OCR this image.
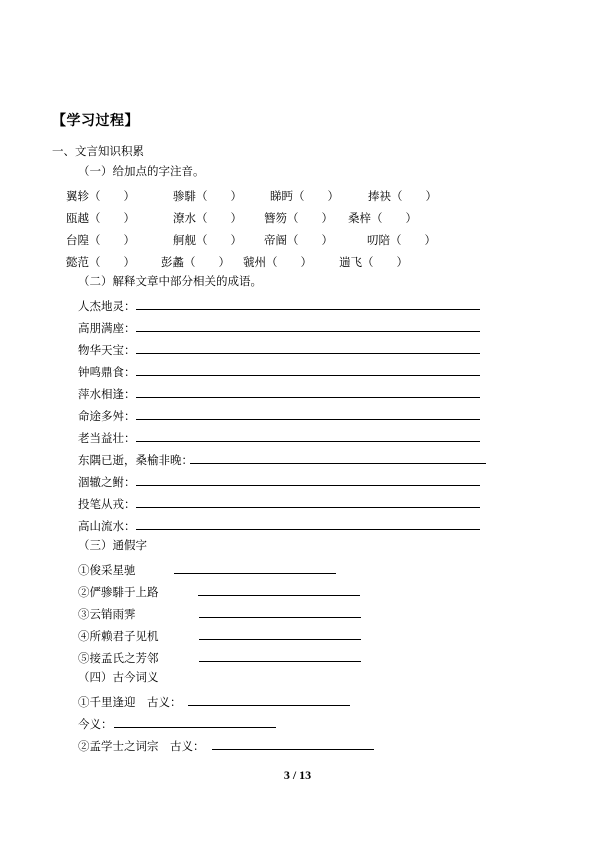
【学习过程】
一、文言知识积累
（一）给加点的字注音。
翼轸（　　）	骖騑（　　） 睇眄（　　）	捧袂（　　）
瓯越（　　）	潦水（　　） 簪笏（　　） 桑梓（　　）
台隍（　　）	舸舰（　　） 帝阍（　　）	叨陪（　　）
懿范（　　） 彭蠡（　　） 虢州（　　） 遄飞（　　）
（二）解释文章中部分相关的成语。
人杰地灵：
高朋满座：
物华天宝：
钟鸣鼎食：
萍水相逢：
命途多舛：
老当益壮：
东隅已逝，桑榆非晚：
涸辙之鲋：
投笔从戎：
高山流水：
（三）通假字
①俊采星驰
②俨骖騑于上路
③云销雨霁
④所赖君子见机
⑤接孟氏之芳邻
（四）古今词义
①千里逢迎　古义：
今义：
②孟学士之词宗　古义：
3 / 13
